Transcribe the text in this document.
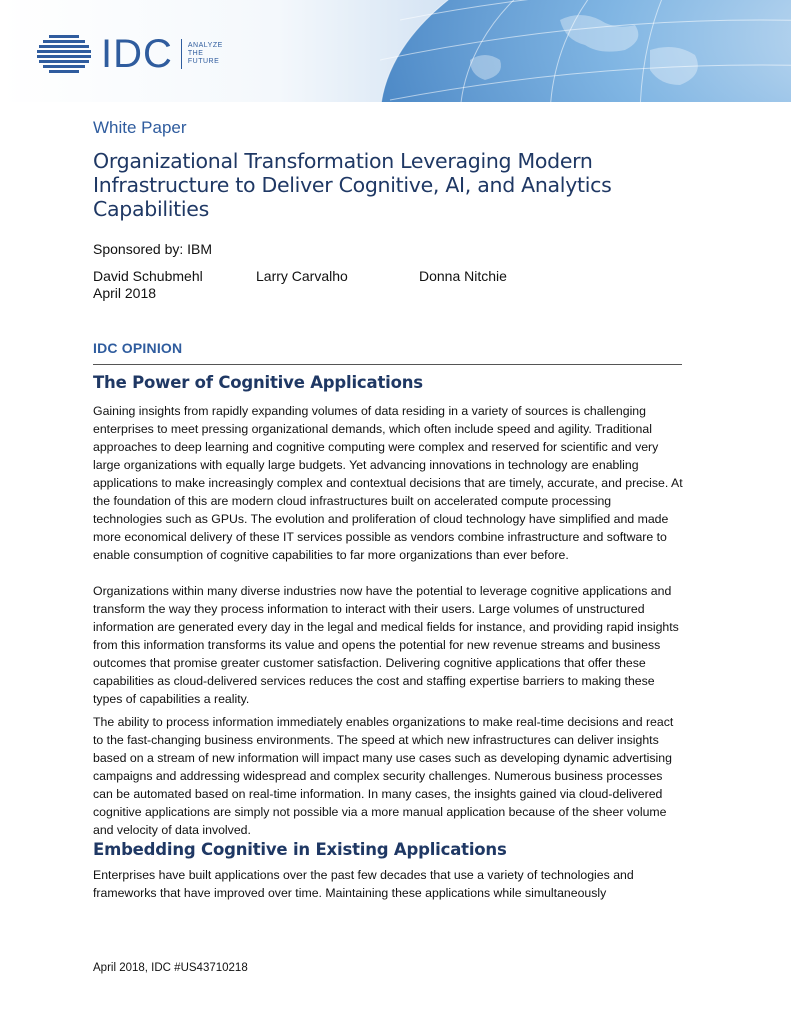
IDC ANALYZE
THE
FUTURE
White Paper
Organizational Transformation Leveraging Modern Infrastructure to Deliver Cognitive, AI, and Analytics Capabilities
Sponsored by: IBM
David Schubmehl	Larry Carvalho	Donna Nitchie
April 2018
IDC OPINION
The Power of Cognitive Applications

Gaining insights from rapidly expanding volumes of data residing in a variety of sources is challenging enterprises to meet pressing organizational demands, which often include speed and agility. Traditional approaches to deep learning and cognitive computing were complex and reserved for scientific and very large organizations with equally large budgets. Yet advancing innovations in technology are enabling applications to make increasingly complex and contextual decisions that are timely, accurate, and precise. At the foundation of this are modern cloud infrastructures built on accelerated compute processing technologies such as GPUs. The evolution and proliferation of cloud technology have simplified and made more economical delivery of these IT services possible as vendors combine infrastructure and software to enable consumption of cognitive capabilities to far more organizations than ever before.

Organizations within many diverse industries now have the potential to leverage cognitive applications and transform the way they process information to interact with their users. Large volumes of unstructured information are generated every day in the legal and medical fields for instance, and providing rapid insights from this information transforms its value and opens the potential for new revenue streams and business outcomes that promise greater customer satisfaction. Delivering cognitive applications that offer these capabilities as cloud-delivered services reduces the cost and staffing expertise barriers to making these types of capabilities a reality.

The ability to process information immediately enables organizations to make real-time decisions and react to the fast-changing business environments. The speed at which new infrastructures can deliver insights based on a stream of new information will impact many use cases such as developing dynamic advertising campaigns and addressing widespread and complex security challenges. Numerous business processes can be automated based on real-time information. In many cases, the insights gained via cloud-delivered cognitive applications are simply not possible via a more manual application because of the sheer volume and velocity of data involved.

Embedding Cognitive in Existing Applications

Enterprises have built applications over the past few decades that use a variety of technologies and frameworks that have improved over time. Maintaining these applications while simultaneously

April 2018, IDC #US43710218
